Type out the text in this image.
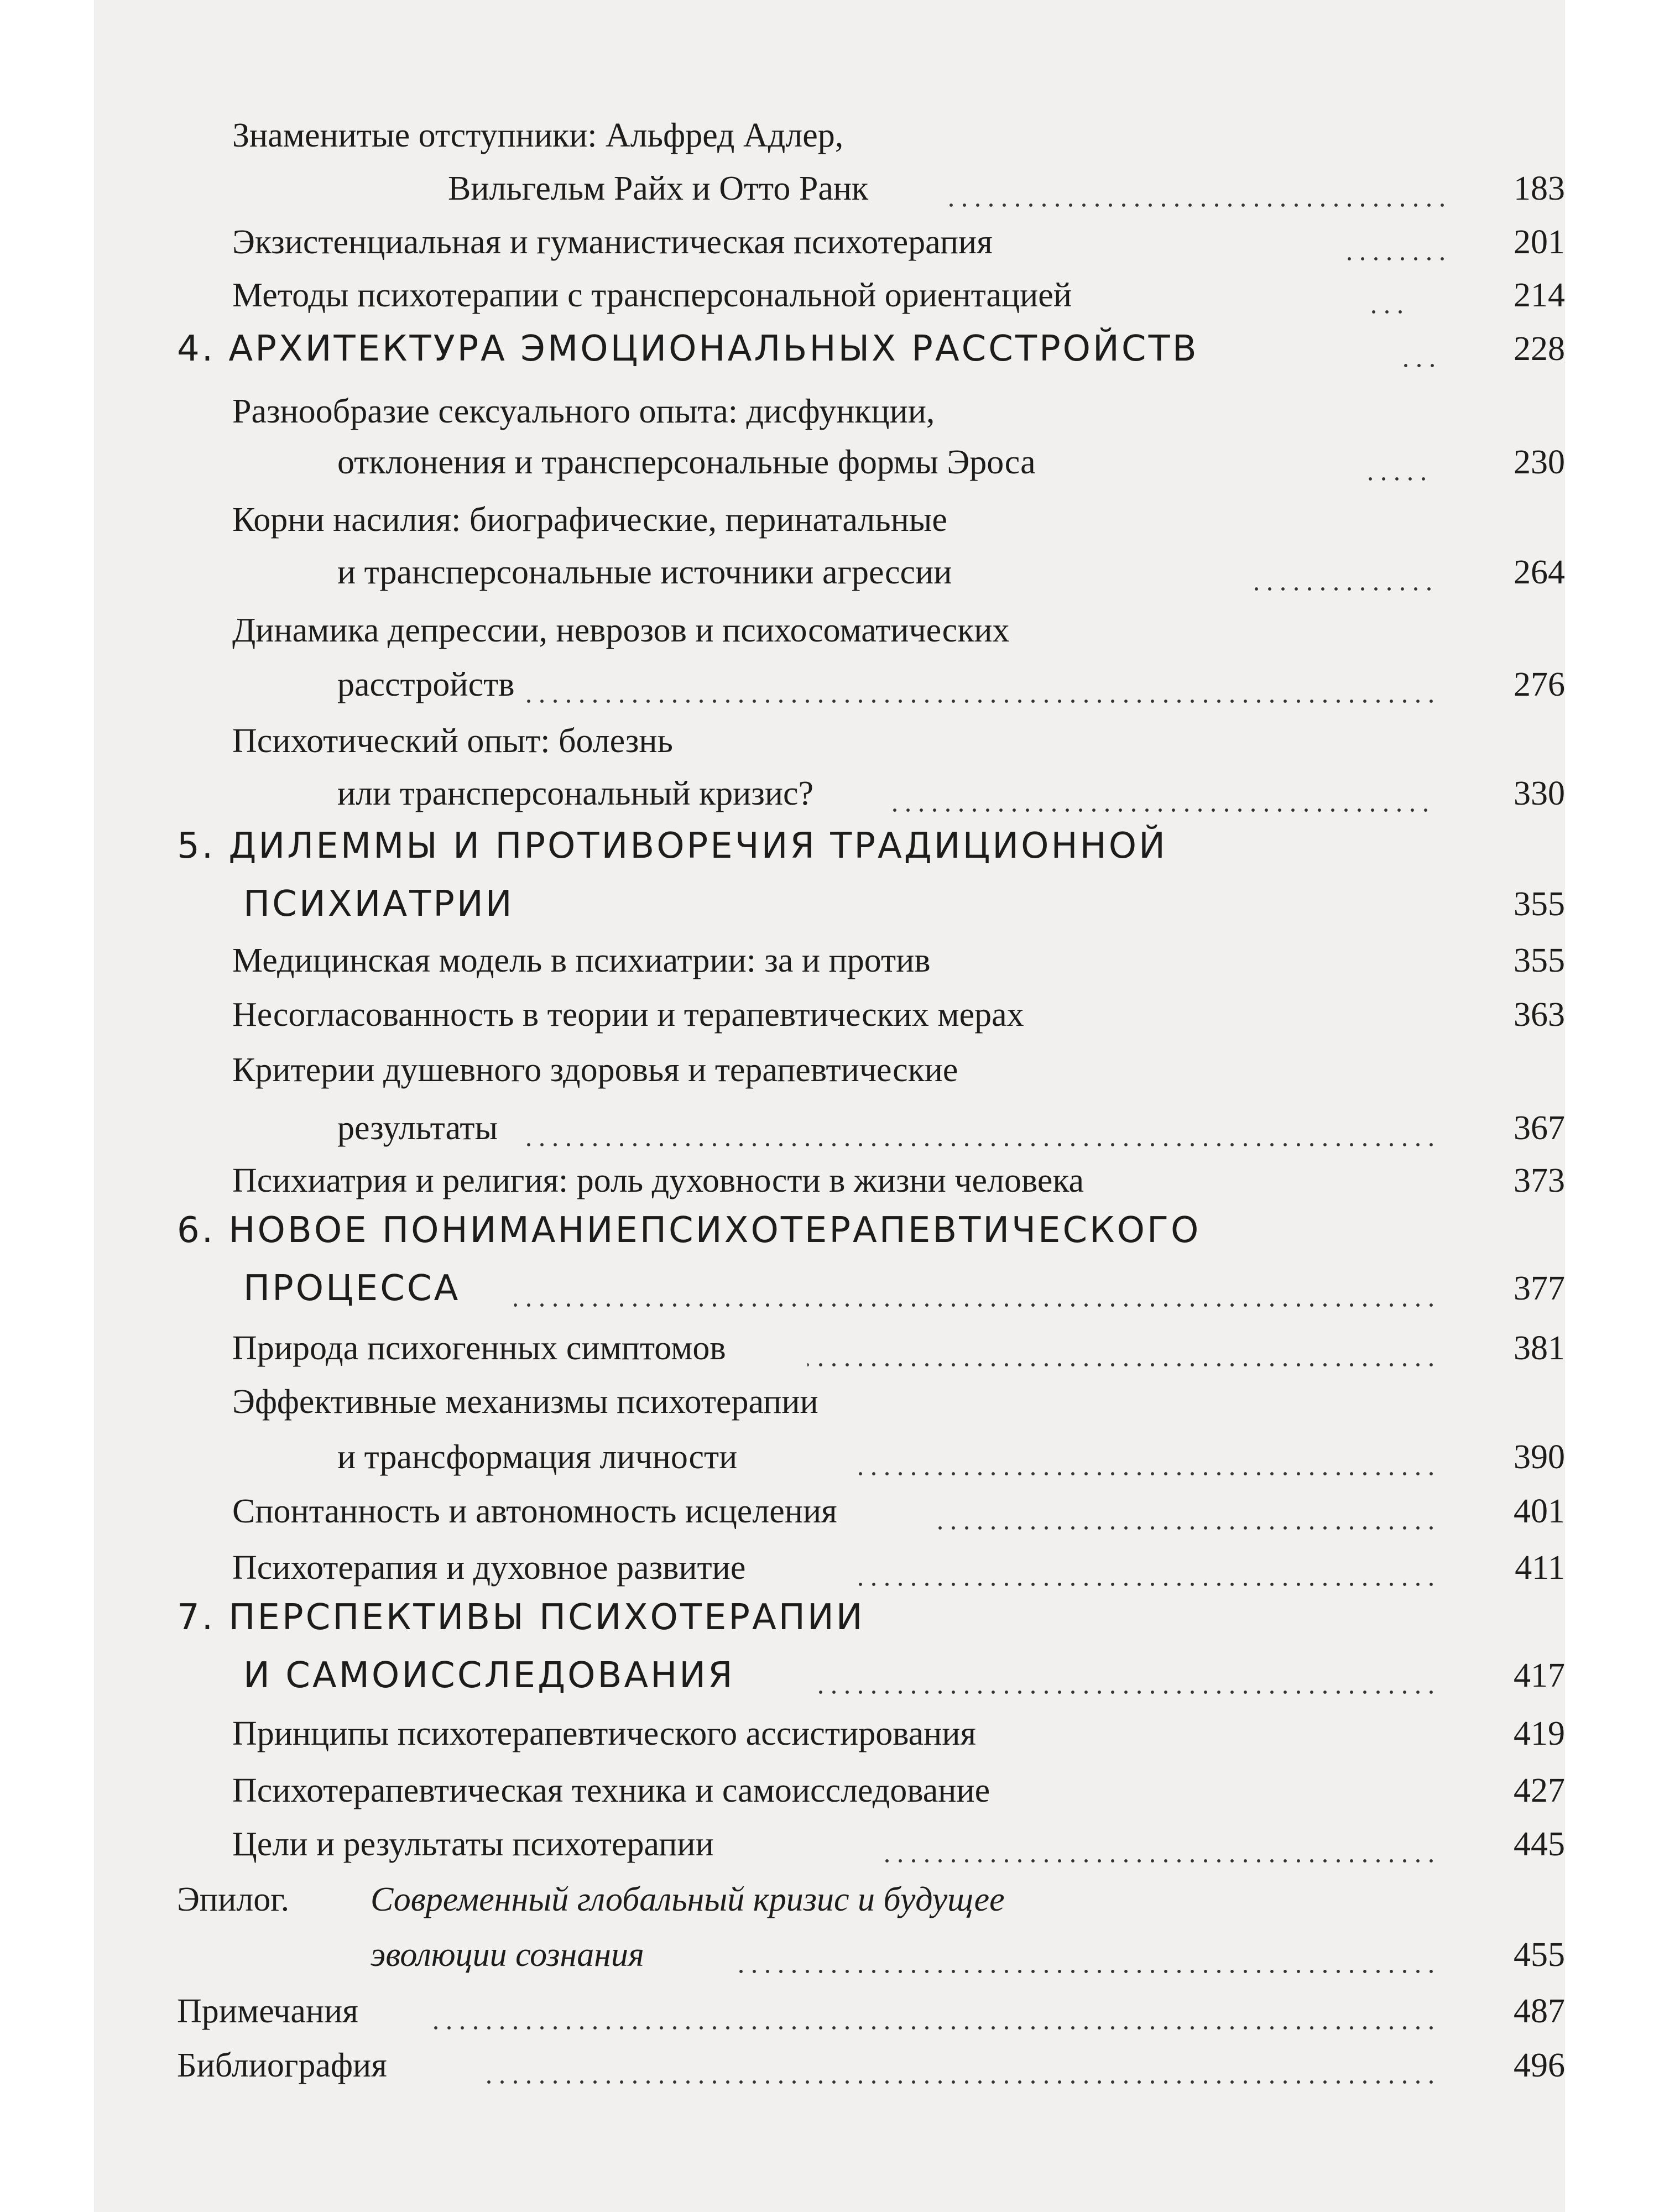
Знаменитые отступники: Альфред Адлер,
Вильгельм Райх и Отто Ранк	183
Экзистенциальная и гуманистическая психотерапия	201
Методы психотерапии с трансперсональной ориентацией	214
4. АРХИТЕКТУРА ЭМОЦИОНАЛЬНЫХ РАССТРОЙСТВ	228
Разнообразие сексуального опыта: дисфункции,
отклонения и трансперсональные формы Эроса	230
Корни насилия: биографические, перинатальные
и трансперсональные источники агрессии	264
Динамика депрессии, неврозов и психосоматических
расстройств	276
Психотический опыт: болезнь
или трансперсональный кризис?	330
5. ДИЛЕММЫ И ПРОТИВОРЕЧИЯ ТРАДИЦИОННОЙ
ПСИХИАТРИИ	355
Медицинская модель в психиатрии: за и против	355
Несогласованность в теории и терапевтических мерах	363
Критерии душевного здоровья и терапевтические
результаты	367
Психиатрия и религия: роль духовности в жизни человека	373
6. НОВОЕ ПОНИМАНИЕПСИХОТЕРАПЕВТИЧЕСКОГО
ПРОЦЕССА	377
Природа психогенных симптомов	381
Эффективные механизмы психотерапии
и трансформация личности	390
Спонтанность и автономность исцеления	401
Психотерапия и духовное развитие	411
7. ПЕРСПЕКТИВЫ ПСИХОТЕРАПИИ
И САМОИССЛЕДОВАНИЯ	417
Принципы психотерапевтического ассистирования	419
Психотерапевтическая техника и самоисследование	427
Цели и результаты психотерапии	445
Эпилог. Современный глобальный кризис и будущее
эволюции сознания	455
Примечания	487
Библиография	496
